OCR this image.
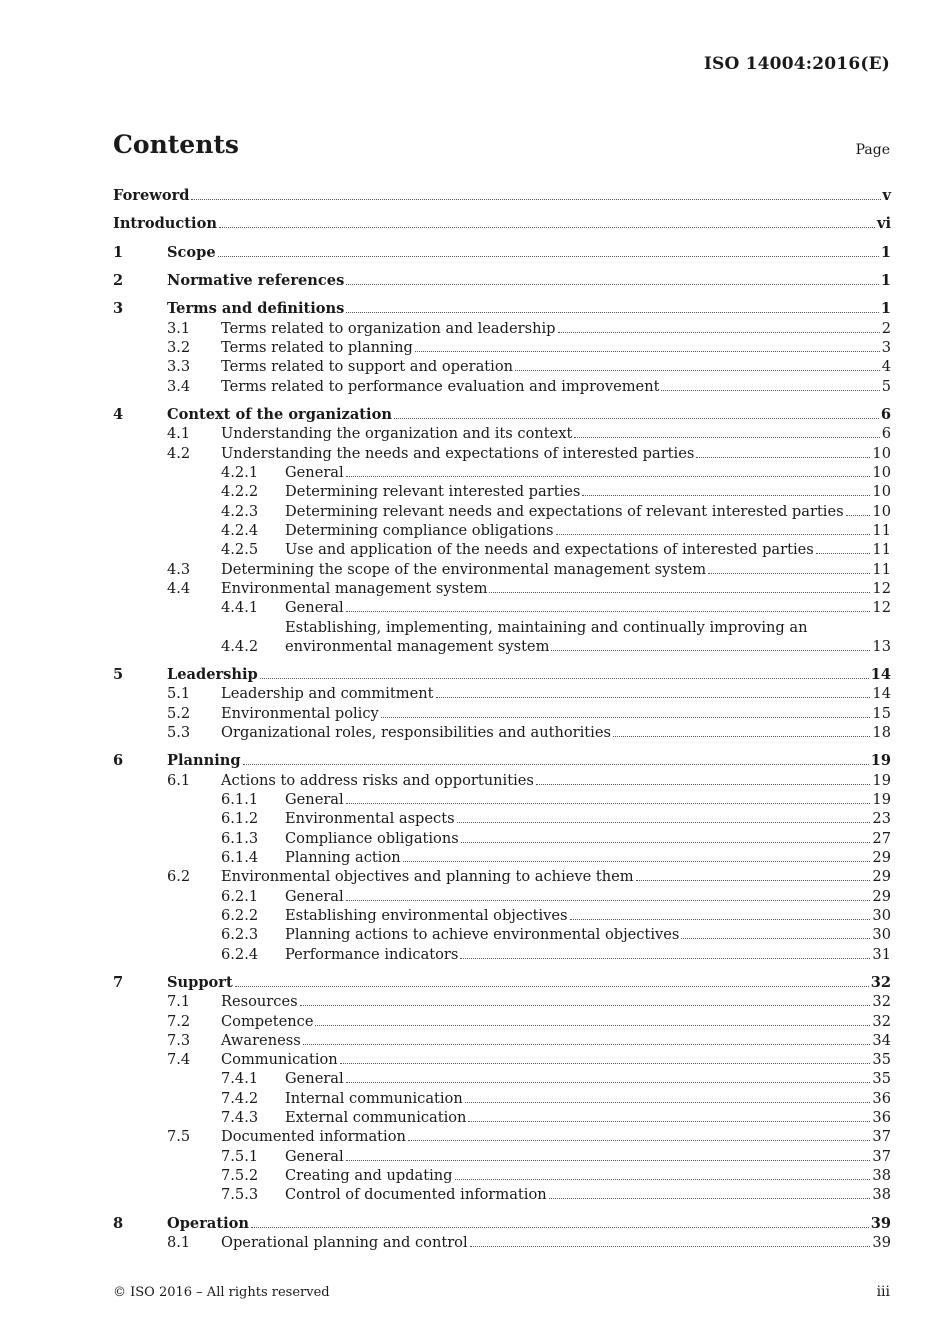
ISO 14004:2016(E)
Contents	Page
Foreword	v
Introduction	vi
1	Scope	1
2	Normative references	1
3	Terms and definitions	1
3.1	Terms related to organization and leadership	2
3.2	Terms related to planning	3
3.3	Terms related to support and operation	4
3.4	Terms related to performance evaluation and improvement	5
4	Context of the organization	6
4.1	Understanding the organization and its context	6
4.2	Understanding the needs and expectations of interested parties	10
4.2.1	General	10
4.2.2	Determining relevant interested parties	10
4.2.3	Determining relevant needs and expectations of relevant interested parties 10
4.2.4	Determining compliance obligations	11
4.2.5	Use and application of the needs and expectations of interested parties	11
4.3	Determining the scope of the environmental management system	11
4.4	Environmental management system	12
4.4.1	General	12
4.4.2
Establishing, implementing, maintaining and continually improving an
environmental management system	13
5	Leadership	14
5.1	Leadership and commitment	14
5.2	Environmental policy	15
5.3	Organizational roles, responsibilities and authorities	18
6	Planning	19
6.1	Actions to address risks and opportunities	19
6.1.1	General	19
6.1.2	Environmental aspects	23
6.1.3	Compliance obligations	27
6.1.4	Planning action	29
6.2	Environmental objectives and planning to achieve them	29
6.2.1	General	29
6.2.2	Establishing environmental objectives	30
6.2.3	Planning actions to achieve environmental objectives	30
6.2.4	Performance indicators	31
7	Support	32
7.1	Resources	32
7.2	Competence	32
7.3	Awareness	34
7.4	Communication	35
7.4.1	General	35
7.4.2	Internal communication	36
7.4.3	External communication	36
7.5	Documented information	37
7.5.1	General	37
7.5.2	Creating and updating	38
7.5.3	Control of documented information	38
8	Operation	39
8.1	Operational planning and control	39
© ISO 2016 – All rights reserved	iii
